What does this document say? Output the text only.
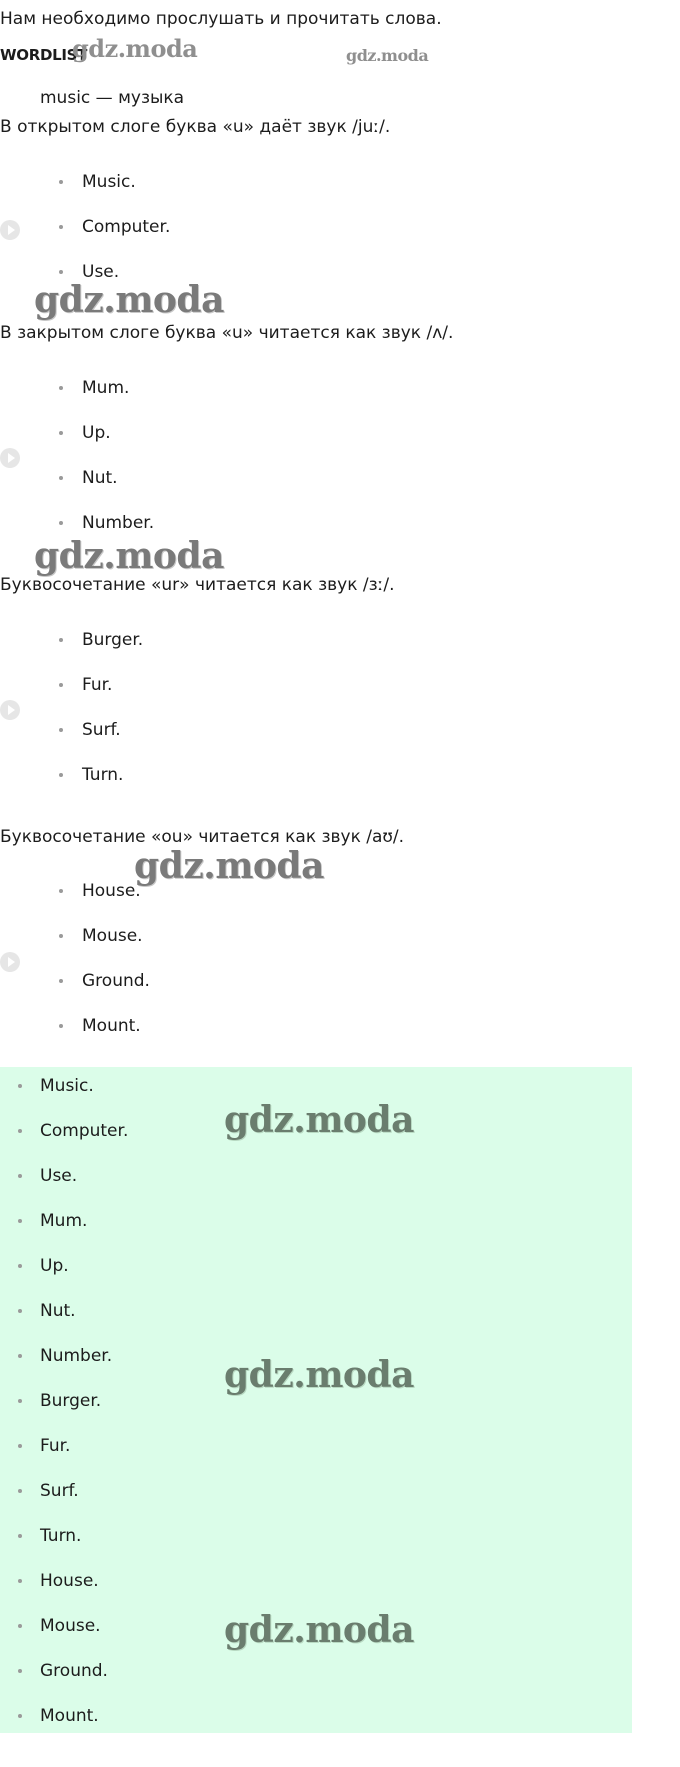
Нам необходимо прослушать и прочитать слова.
WORDLIST
gdz.moda	gdz.moda
music — музыка
В открытом слоге буква «u» даёт звук /juː/.
Music.
Computer.
Use.
gdz.moda
В закрытом слоге буква «u» читается как звук /ʌ/.
Mum.
Up.
Nut.
Number.
gdz.moda
Буквосочетание «ur» читается как звук /ɜː/.
Burger.
Fur.
Surf.
Turn.
Буквосочетание «ou» читается как звук /aʊ/.
gdz.moda
House.
Mouse.
Ground.
Mount.
Music.
Computer.
Use.
Mum.
Up.
Nut.
Number.
Burger.
Fur.
Surf.
Turn.
House.
Mouse.
Ground.
Mount.
gdz.moda
gdz.moda
gdz.moda
